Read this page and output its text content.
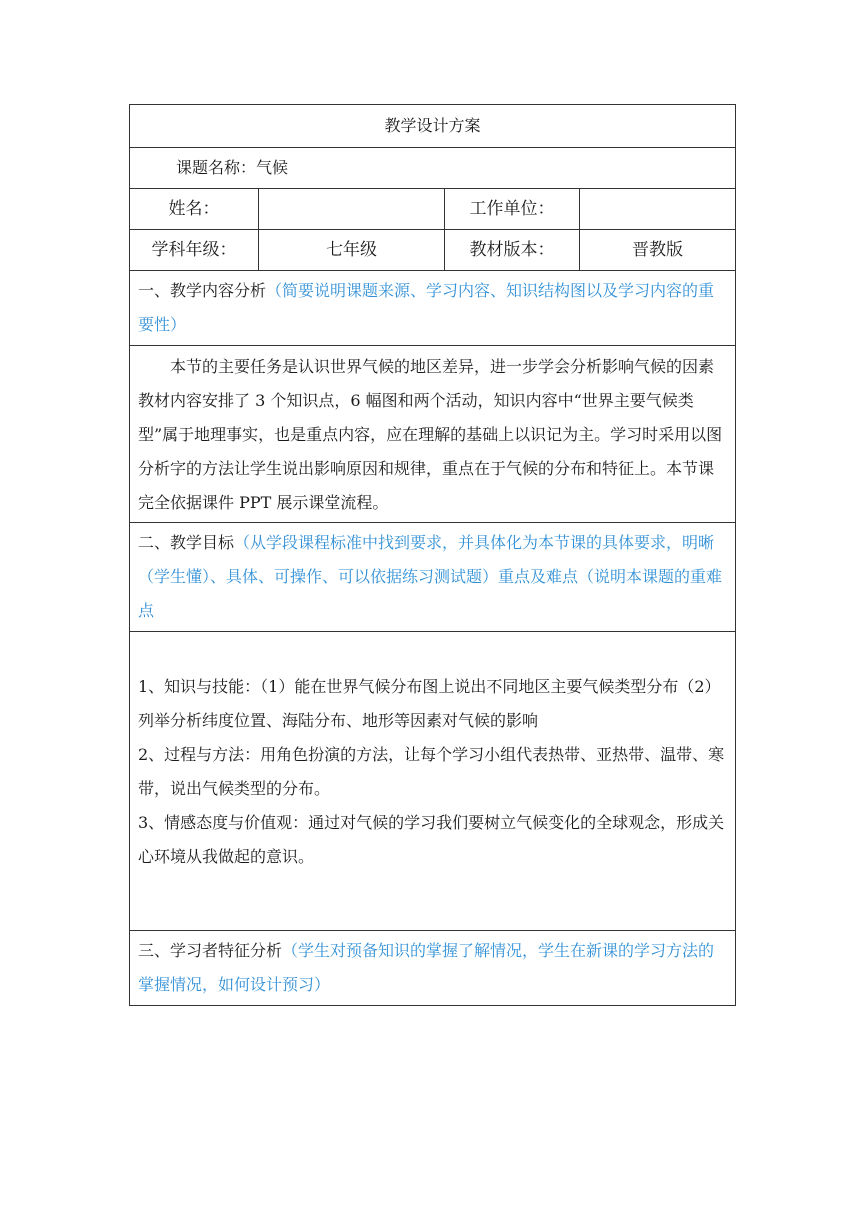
教学设计方案			
课题名称：气候			
姓名：		工作单位：	
学科年级：	七年级	教材版本：	晋教版
一、教学内容分析（简要说明课题来源、学习内容、知识结构图以及学习内容的重要性）			

本节的主要任务是认识世界气候的地区差异，进一步学会分析影响气候的因素教材内容安排了 3 个知识点，6 幅图和两个活动，知识内容中“世界主要气候类型”属于地理事实，也是重点内容，应在理解的基础上以识记为主。学习时采用以图分析字的方法让学生说出影响原因和规律，重点在于气候的分布和特征上。本节课完全依据课件 PPT 展示课堂流程。			

二、教学目标（从学段课程标准中找到要求，并具体化为本节课的具体要求，明晰（学生懂）、具体、可操作、可以依据练习测试题）重点及难点（说明本课题的重难点			

1、知识与技能：（1）能在世界气候分布图上说出不同地区主要气候类型分布（2）列举分析纬度位置、海陆分布、地形等因素对气候的影响

2、过程与方法：用角色扮演的方法，让每个学习小组代表热带、亚热带、温带、寒带，说出气候类型的分布。

3、情感态度与价值观：通过对气候的学习我们要树立气候变化的全球观念，形成关心环境从我做起的意识。			

三、学习者特征分析（学生对预备知识的掌握了解情况，学生在新课的学习方法的掌握情况，如何设计预习）			
